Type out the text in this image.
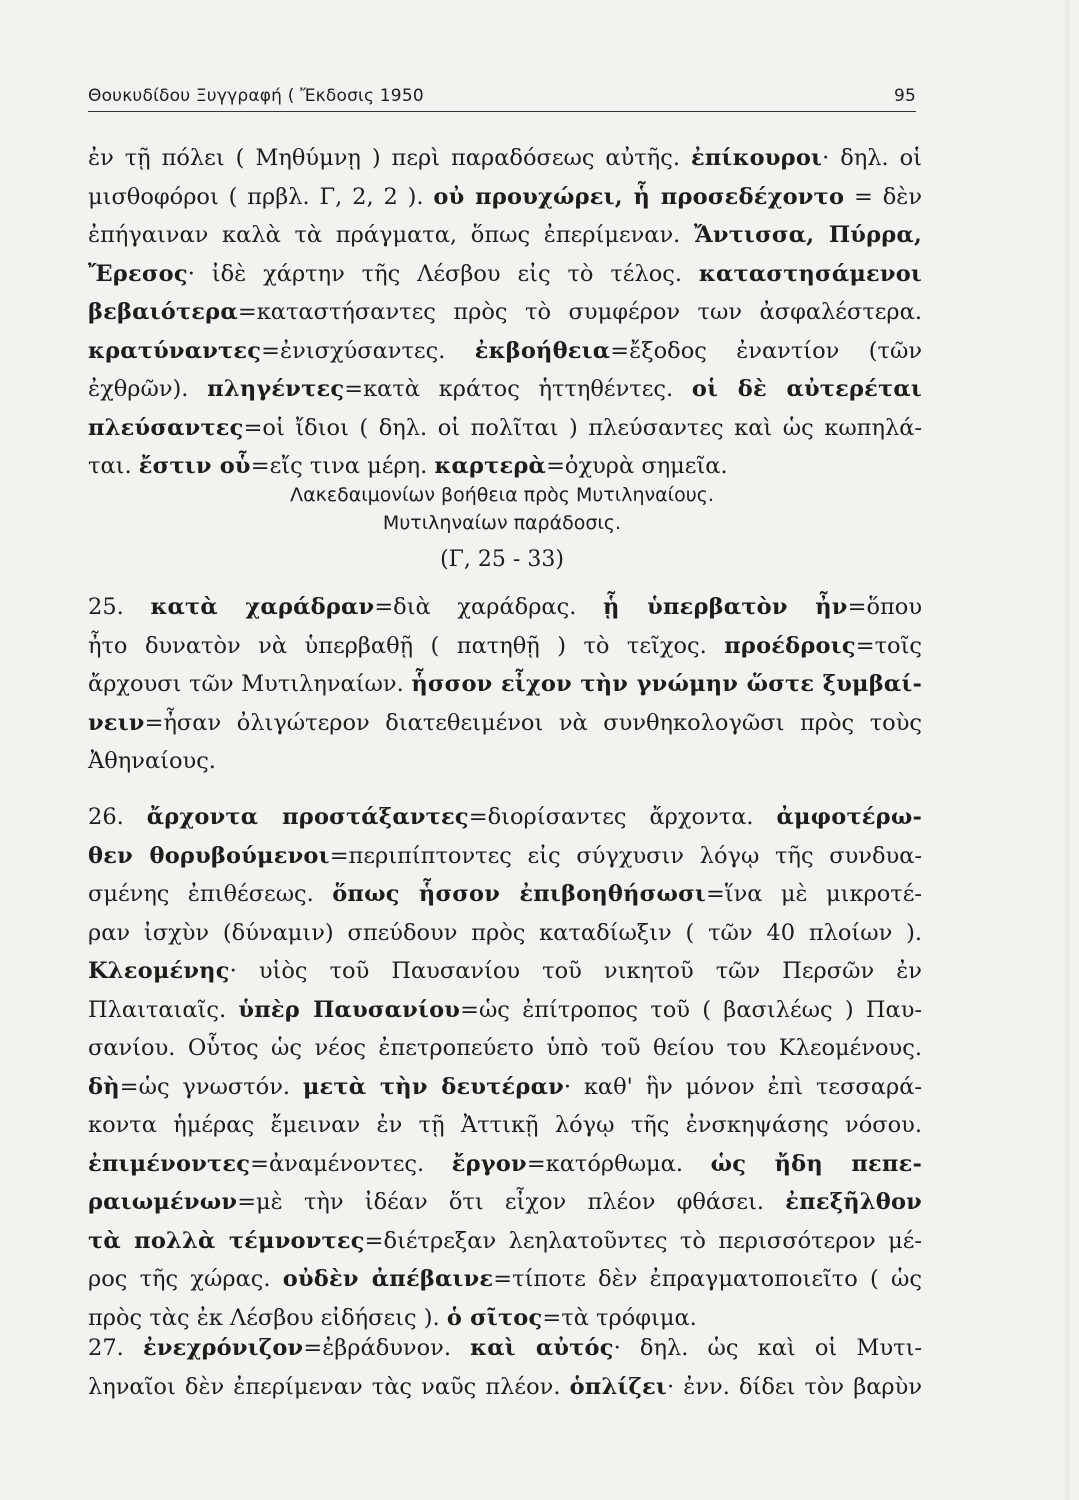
Θουκυδίδου Ξυγγραφή ( Ἔκδοσις 1950	95
ἐν τῇ πόλει ( Μηθύμνῃ ) περὶ παραδόσεως αὐτῆς. ἐπίκουροι· δηλ. οἱ
μισθοφόροι ( πρβλ. Γ, 2, 2 ). οὐ προυχώρει, ἧ προσεδέχοντο = δὲν
ἐπήγαιναν καλὰ τὰ πράγματα, ὅπως ἐπερίμεναν. Ἄντισσα, Πύρρα,
Ἔρεσος· ἰδὲ χάρτην τῆς Λέσβου εἰς τὸ τέλος. καταστησάμενοι
βεβαιότερα=καταστήσαντες πρὸς τὸ συμφέρον των ἀσφαλέστερα.
κρατύναντες=ἐνισχύσαντες. ἐκβοήθεια=ἔξοδος ἐναντίον (τῶν
ἐχθρῶν). πληγέντες=κατὰ κράτος ἡττηθέντες. οἱ δὲ αὐτερέται
πλεύσαντες=οἱ ἴδιοι ( δηλ. οἱ πολῖται ) πλεύσαντες καὶ ὡς κωπηλά-
ται. ἔστιν οὗ=εἴς τινα μέρη. καρτερὰ=ὀχυρὰ σημεῖα.
Λακεδαιμονίων βοήθεια πρὸς Μυτιληναίους.
Μυτιληναίων παράδοσις.
(Γ, 25 - 33)
25. κατὰ χαράδραν=διὰ χαράδρας. ᾗ ὑπερβατὸν ἦν=ὅπου
ἦτο δυνατὸν νὰ ὑπερβαθῇ ( πατηθῇ ) τὸ τεῖχος. προέδροις=τοῖς
ἄρχουσι τῶν Μυτιληναίων. ἧσσον εἶχον τὴν γνώμην ὥστε ξυμβαί-
νειν=ἦσαν ὀλιγώτερον διατεθειμένοι νὰ συνθηκολογῶσι πρὸς τοὺς
Ἀθηναίους.
26. ἄρχοντα προστάξαντες=διορίσαντες ἄρχοντα. ἀμφοτέρω-
θεν θορυβούμενοι=περιπίπτοντες εἰς σύγχυσιν λόγῳ τῆς συνδυα-
σμένης ἐπιθέσεως. ὅπως ἧσσον ἐπιβοηθήσωσι=ἵνα μὲ μικροτέ-
ραν ἰσχὺν (δύναμιν) σπεύδουν πρὸς καταδίωξιν ( τῶν 40 πλοίων ).
Κλεομένης· υἱὸς τοῦ Παυσανίου τοῦ νικητοῦ τῶν Περσῶν ἐν
Πλαιταιαῖς. ὑπὲρ Παυσανίου=ὡς ἐπίτροπος τοῦ ( βασιλέως ) Παυ-
σανίου. Οὗτος ὡς νέος ἐπετροπεύετο ὑπὸ τοῦ θείου του Κλεομένους.
δὴ=ὡς γνωστόν. μετὰ τὴν δευτέραν· καθ' ἣν μόνον ἐπὶ τεσσαρά-
κοντα ἡμέρας ἔμειναν ἐν τῇ Ἀττικῇ λόγῳ τῆς ἐνσκηψάσης νόσου.
ἐπιμένοντες=ἀναμένοντες. ἔργον=κατόρθωμα. ὡς ἤδη πεπε-
ραιωμένων=μὲ τὴν ἰδέαν ὅτι εἶχον πλέον φθάσει. ἐπεξῆλθον
τὰ πολλὰ τέμνοντες=διέτρεξαν λεηλατοῦντες τὸ περισσότερον μέ-
ρος τῆς χώρας. οὐδὲν ἀπέβαινε=τίποτε δὲν ἐπραγματοποιεῖτο ( ὡς
πρὸς τὰς ἐκ Λέσβου εἰδήσεις ). ὁ σῖτος=τὰ τρόφιμα.
27. ἐνεχρόνιζον=ἐβράδυνον. καὶ αὐτός· δηλ. ὡς καὶ οἱ Μυτι-
ληναῖοι δὲν ἐπερίμεναν τὰς ναῦς πλέον. ὁπλίζει· ἐνν. δίδει τὸν βαρὺν
